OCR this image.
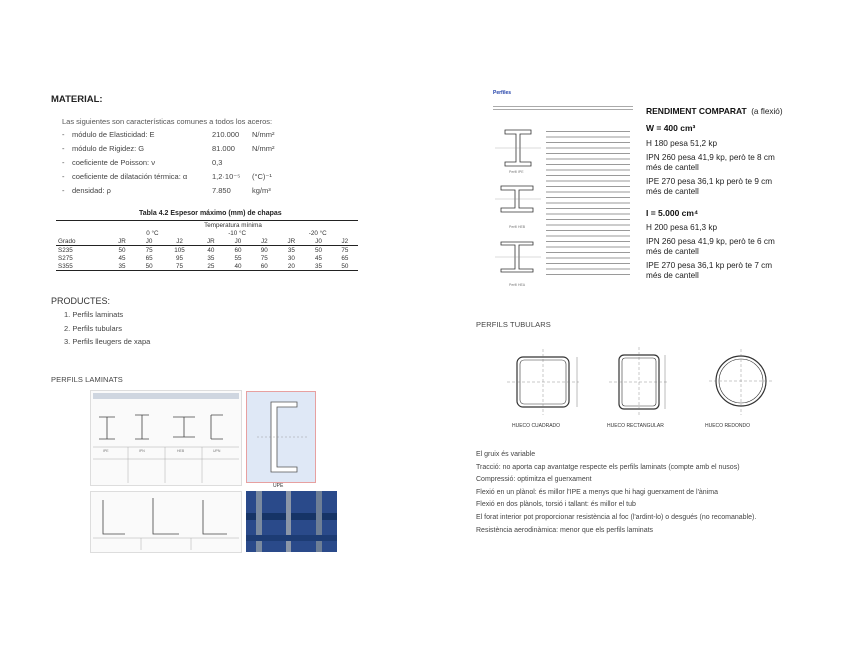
MATERIAL:
Las siguientes son características comunes a todos los aceros:
-	módulo de Elasticidad: E	210.000	N/mm²
-	módulo de Rigidez: G	81.000	N/mm²
-	coeficiente de Poisson: ν	0,3
-	coeficiente de dilatación térmica: α	1,2·10⁻⁵	(°C)⁻¹
-	densidad: ρ	7.850	kg/m³
Tabla 4.2 Espesor máximo (mm) de chapas
	Temperatura mínima								
	0 °C			-10 °C			-20 °C		
Grado	JR	J0	J2	JR	J0	J2	JR	J0	J2
S235	50	75	105	40	60	90	35	50	75
S275	45	65	95	35	55	75	30	45	65
S355	35	50	75	25	40	60	20	35	50
PRODUCTES:
1. Perfils laminats
2. Perfils tubulars
3. Perfils lleugers de xapa
PERFILS LAMINATS
IPE	IPN	HEB	UPN
UPE
Perfiles
Perfil IPE
Perfil HEB
Perfil HEA
RENDIMENT COMPARAT (a flexió)
W = 400 cm³
H 180 pesa 51,2 kp
IPN 260 pesa 41,9 kp, però te 8 cm més de cantell
IPE 270 pesa 36,1 kp però te 9 cm més de cantell
I = 5.000 cm⁴
H 200 pesa 61,3 kp
IPN 260 pesa 41,9 kp, però te 6 cm més de cantell
IPE 270 pesa 36,1 kp però te 7 cm més de cantell
PERFILS TUBULARS
HUECO CUADRADO	HUECO RECTANGULAR	HUECO REDONDO
El gruix és variable
Tracció: no aporta cap avantatge respecte els perfils laminats (compte amb el nusos)
Compressió: optimitza el guerxament
Flexió en un plànol: és millor l'IPE a menys que hi hagi guerxament de l'ànima
Flexió en dos plànols, torsió i tallant: és millor el tub
El forat interior pot proporcionar resistència al foc (l'ardint-lo) o desgués (no recomanable).
Resistència aerodinàmica: menor que els perfils laminats
